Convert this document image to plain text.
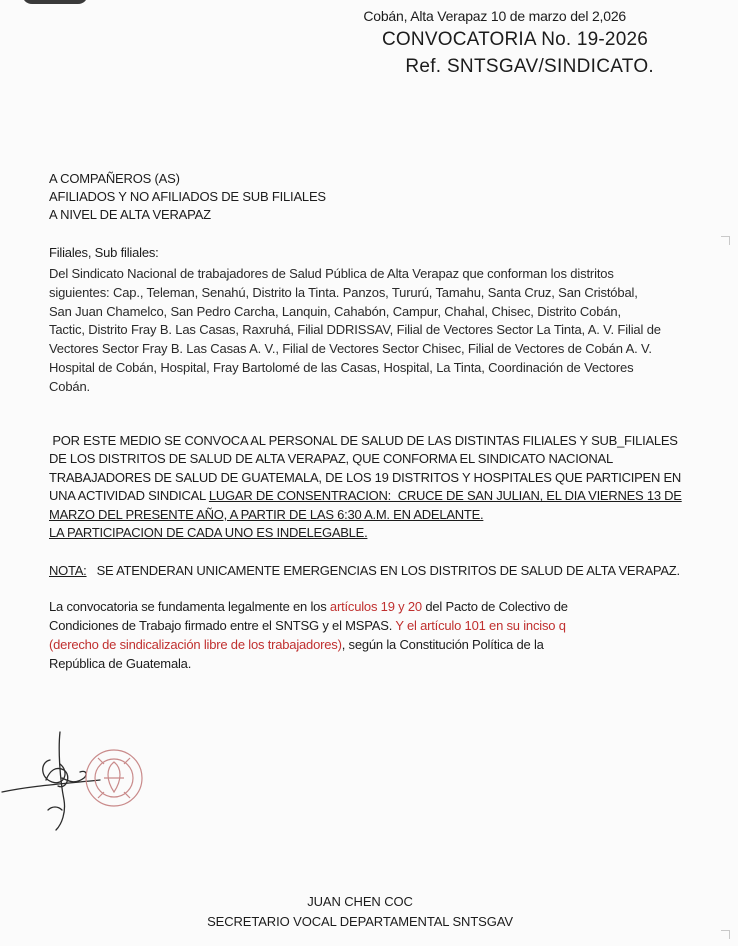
Cobán, Alta Verapaz 10 de marzo del 2,026
CONVOCATORIA No. 19-2026
Ref. SNTSGAV/SINDICATO.
A COMPAÑEROS (AS)
AFILIADOS Y NO AFILIADOS DE SUB FILIALES
A NIVEL DE ALTA VERAPAZ
Filiales, Sub filiales:
Del Sindicato Nacional de trabajadores de Salud Pública de Alta Verapaz que conforman los distritos
siguientes: Cap., Teleman, Senahú, Distrito la Tinta. Panzos, Tururú, Tamahu, Santa Cruz, San Cristóbal,
San Juan Chamelco, San Pedro Carcha, Lanquin, Cahabón, Campur, Chahal, Chisec, Distrito Cobán,
Tactic, Distrito Fray B. Las Casas, Raxruhá, Filial DDRISSAV, Filial de Vectores Sector La Tinta, A. V. Filial de
Vectores Sector Fray B. Las Casas A. V., Filial de Vectores Sector Chisec, Filial de Vectores de Cobán A. V.
Hospital de Cobán, Hospital, Fray Bartolomé de las Casas, Hospital, La Tinta, Coordinación de Vectores
Cobán.
POR ESTE MEDIO SE CONVOCA AL PERSONAL DE SALUD DE LAS DISTINTAS FILIALES Y SUB_FILIALES
DE LOS DISTRITOS DE SALUD DE ALTA VERAPAZ, QUE CONFORMA EL SINDICATO NACIONAL
TRABAJADORES DE SALUD DE GUATEMALA, DE LOS 19 DISTRITOS Y HOSPITALES QUE PARTICIPEN EN
UNA ACTIVIDAD SINDICAL LUGAR DE CONSENTRACION:  CRUCE DE SAN JULIAN, EL DIA VIERNES 13 DE
MARZO DEL PRESENTE AÑO, A PARTIR DE LAS 6:30 A.M. EN ADELANTE.
LA PARTICIPACION DE CADA UNO ES INDELEGABLE.
NOTA:   SE ATENDERAN UNICAMENTE EMERGENCIAS EN LOS DISTRITOS DE SALUD DE ALTA VERAPAZ.
La convocatoria se fundamenta legalmente en los artículos 19 y 20 del Pacto de Colectivo de
Condiciones de Trabajo firmado entre el SNTSG y el MSPAS. Y el artículo 101 en su inciso q
(derecho de sindicalización libre de los trabajadores), según la Constitución Política de la
República de Guatemala.
JUAN CHEN COC
SECRETARIO VOCAL DEPARTAMENTAL SNTSGAV
